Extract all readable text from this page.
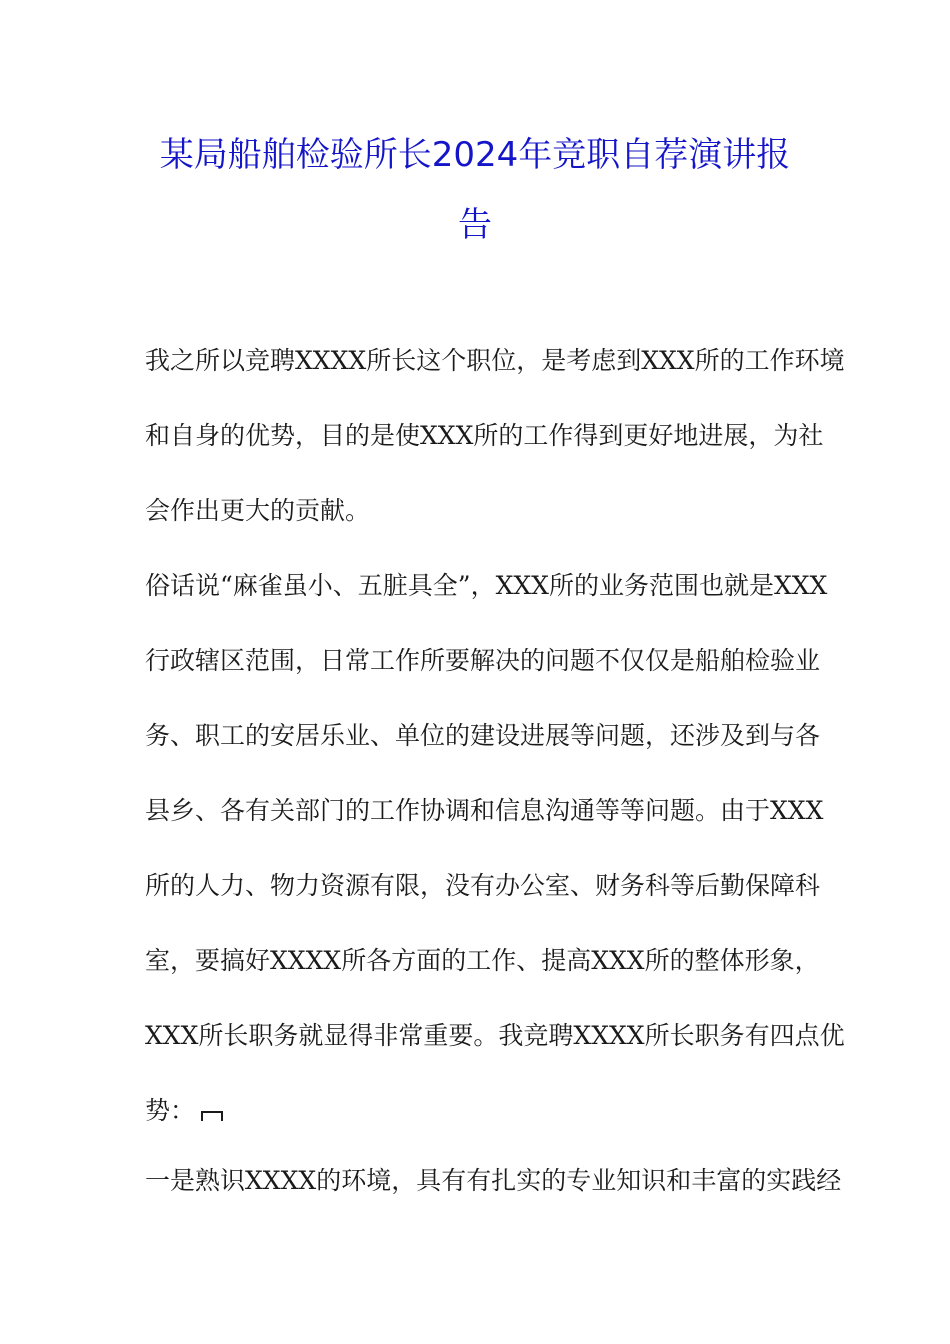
某局船舶检验所长2024年竞职自荐演讲报
告

我之所以竞聘XXXX所长这个职位，是考虑到XXX所的工作环境

和自身的优势，目的是使XXX所的工作得到更好地进展，为社

会作出更大的贡献。

俗话说“麻雀虽小、五脏具全”，XXX所的业务范围也就是XXX

行政辖区范围，日常工作所要解决的问题不仅仅是船舶检验业

务、职工的安居乐业、单位的建设进展等问题，还涉及到与各

县乡、各有关部门的工作协调和信息沟通等等问题。由于XXX

所的人力、物力资源有限，没有办公室、财务科等后勤保障科

室，要搞好XXXX所各方面的工作、提高XXX所的整体形象，

XXX所长职务就显得非常重要。我竞聘XXXX所长职务有四点优

势：

一是熟识XXXX的环境，具有有扎实的专业知识和丰富的实践经
